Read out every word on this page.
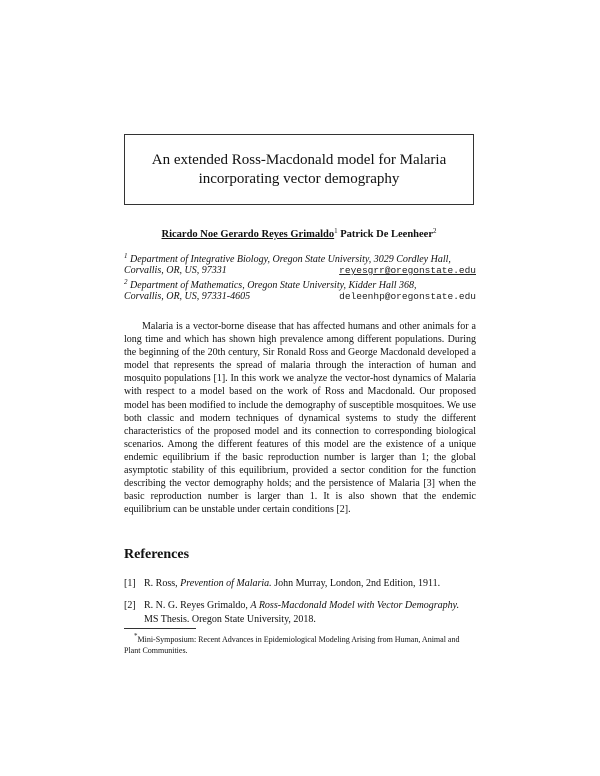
An extended Ross-Macdonald model for Malaria
incorporating vector demography
Ricardo Noe Gerardo Reyes Grimaldo$^1$ Patrick De Leenheer$^2$
$^1$ Department of Integrative Biology, Oregon State University, 3029 Cordley Hall,
Corvallis, OR, US, 97331	reyesgrr@oregonstate.edu
$^2$ Department of Mathematics, Oregon State University, Kidder Hall 368,
Corvallis, OR, US, 97331-4605	deleenhp@oregonstate.edu
Malaria is a vector-borne disease that has affected humans and other animals for a long time and which has shown high prevalence among different populations. During the beginning of the 20th century, Sir Ronald Ross and George Macdonald developed a model that represents the spread of malaria through the interaction of human and mosquito populations [1]. In this work we analyze the vector-host dynamics of Malaria with respect to a model based on the work of Ross and Macdonald. Our proposed model has been modified to include the demography of susceptible mosquitoes. We use both classic and modern techniques of dynamical systems to study the different characteristics of the proposed model and its connection to corresponding biological scenarios. Among the different features of this model are the existence of a unique endemic equilibrium if the basic reproduction number is larger than 1; the global asymptotic stability of this equilibrium, provided a sector condition for the function describing the vector demography holds; and the persistence of Malaria [3] when the basic reproduction number is larger than 1. It is also shown that the endemic equilibrium can be unstable under certain conditions [2].
References
[1] R. Ross, Prevention of Malaria. John Murray, London, 2nd Edition, 1911.
[2] R. N. G. Reyes Grimaldo, A Ross-Macdonald Model with Vector Demography. MS Thesis. Oregon State University, 2018.
*Mini-Symposium: Recent Advances in Epidemiological Modeling Arising from Human, Animal and Plant Communities.
